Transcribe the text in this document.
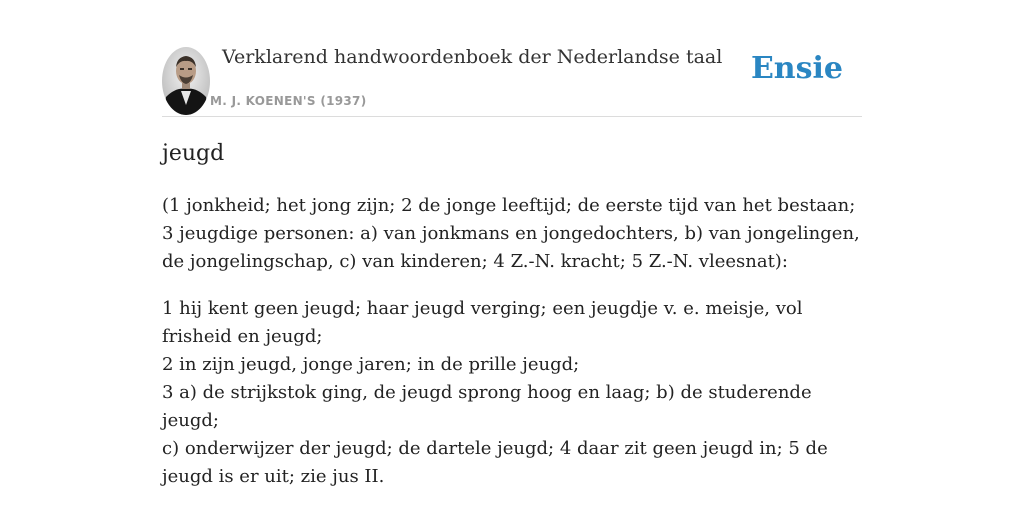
Verklarend handwoordenboek der Nederlandse taal
M. J. KOENEN'S (1937)
Ensie
jeugd
(1 jonkheid; het jong zijn; 2 de jonge leeftijd; de eerste tijd van het bestaan; 3 jeugdige personen: a) van jonkmans en jongedochters, b) van jongelingen, de jongelingschap, c) van kinderen; 4 Z.-N. kracht; 5 Z.-N. vleesnat):
1 hij kent geen jeugd; haar jeugd verging; een jeugdje v. e. meisje, vol frisheid en jeugd;
2 in zijn jeugd, jonge jaren; in de prille jeugd;
3 a) de strijkstok ging, de jeugd sprong hoog en laag; b) de studerende jeugd;
c) onderwijzer der jeugd; de dartele jeugd; 4 daar zit geen jeugd in; 5 de jeugd is er uit; zie jus II.
